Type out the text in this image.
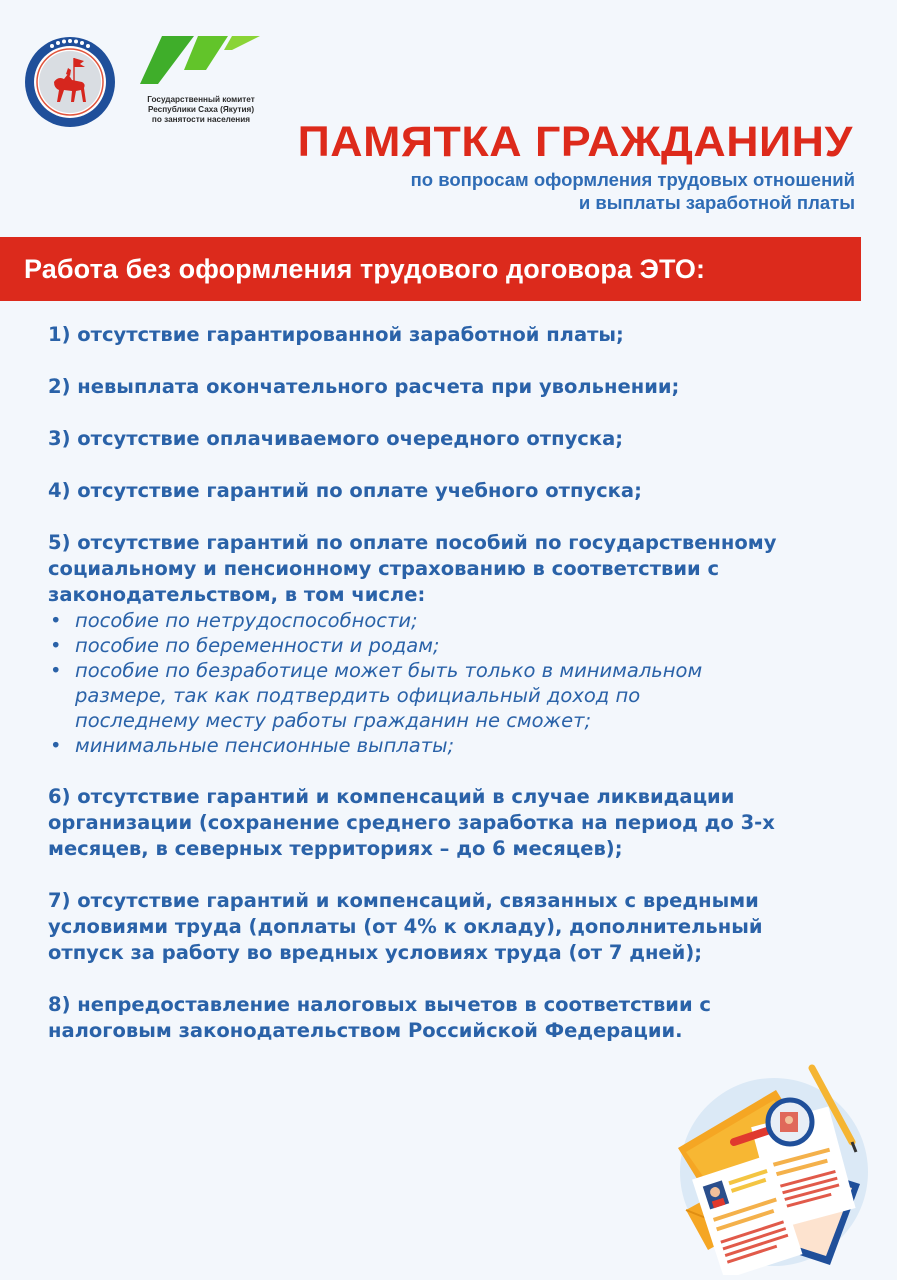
Государственный комитет
Республики Саха (Якутия)
по занятости населения	ПАМЯТКА ГРАЖДАНИНУ
по вопросам оформления трудовых отношений
и выплаты заработной платы
Работа без оформления трудового договора ЭТО:
1) отсутствие гарантированной заработной платы;
2) невыплата окончательного расчета при увольнении;
3) отсутствие оплачиваемого очередного отпуска;
4) отсутствие гарантий по оплате учебного отпуска;
5) отсутствие гарантий по оплате пособий по государственному
социальному и пенсионному страхованию в соответствии с
законодательством, в том числе:
• пособие по нетрудоспособности;
• пособие по беременности и родам;
• пособие по безработице может быть только в минимальном
размере, так как подтвердить официальный доход по
последнему месту работы гражданин не сможет;
• минимальные пенсионные выплаты;
6) отсутствие гарантий и компенсаций в случае ликвидации
организации (сохранение среднего заработка на период до 3-х
месяцев, в северных территориях – до 6 месяцев);
7) отсутствие гарантий и компенсаций, связанных с вредными
условиями труда (доплаты (от 4% к окладу), дополнительный
отпуск за работу во вредных условиях труда (от 7 дней);
8) непредоставление налоговых вычетов в соответствии с
налоговым законодательством Российской Федерации.
